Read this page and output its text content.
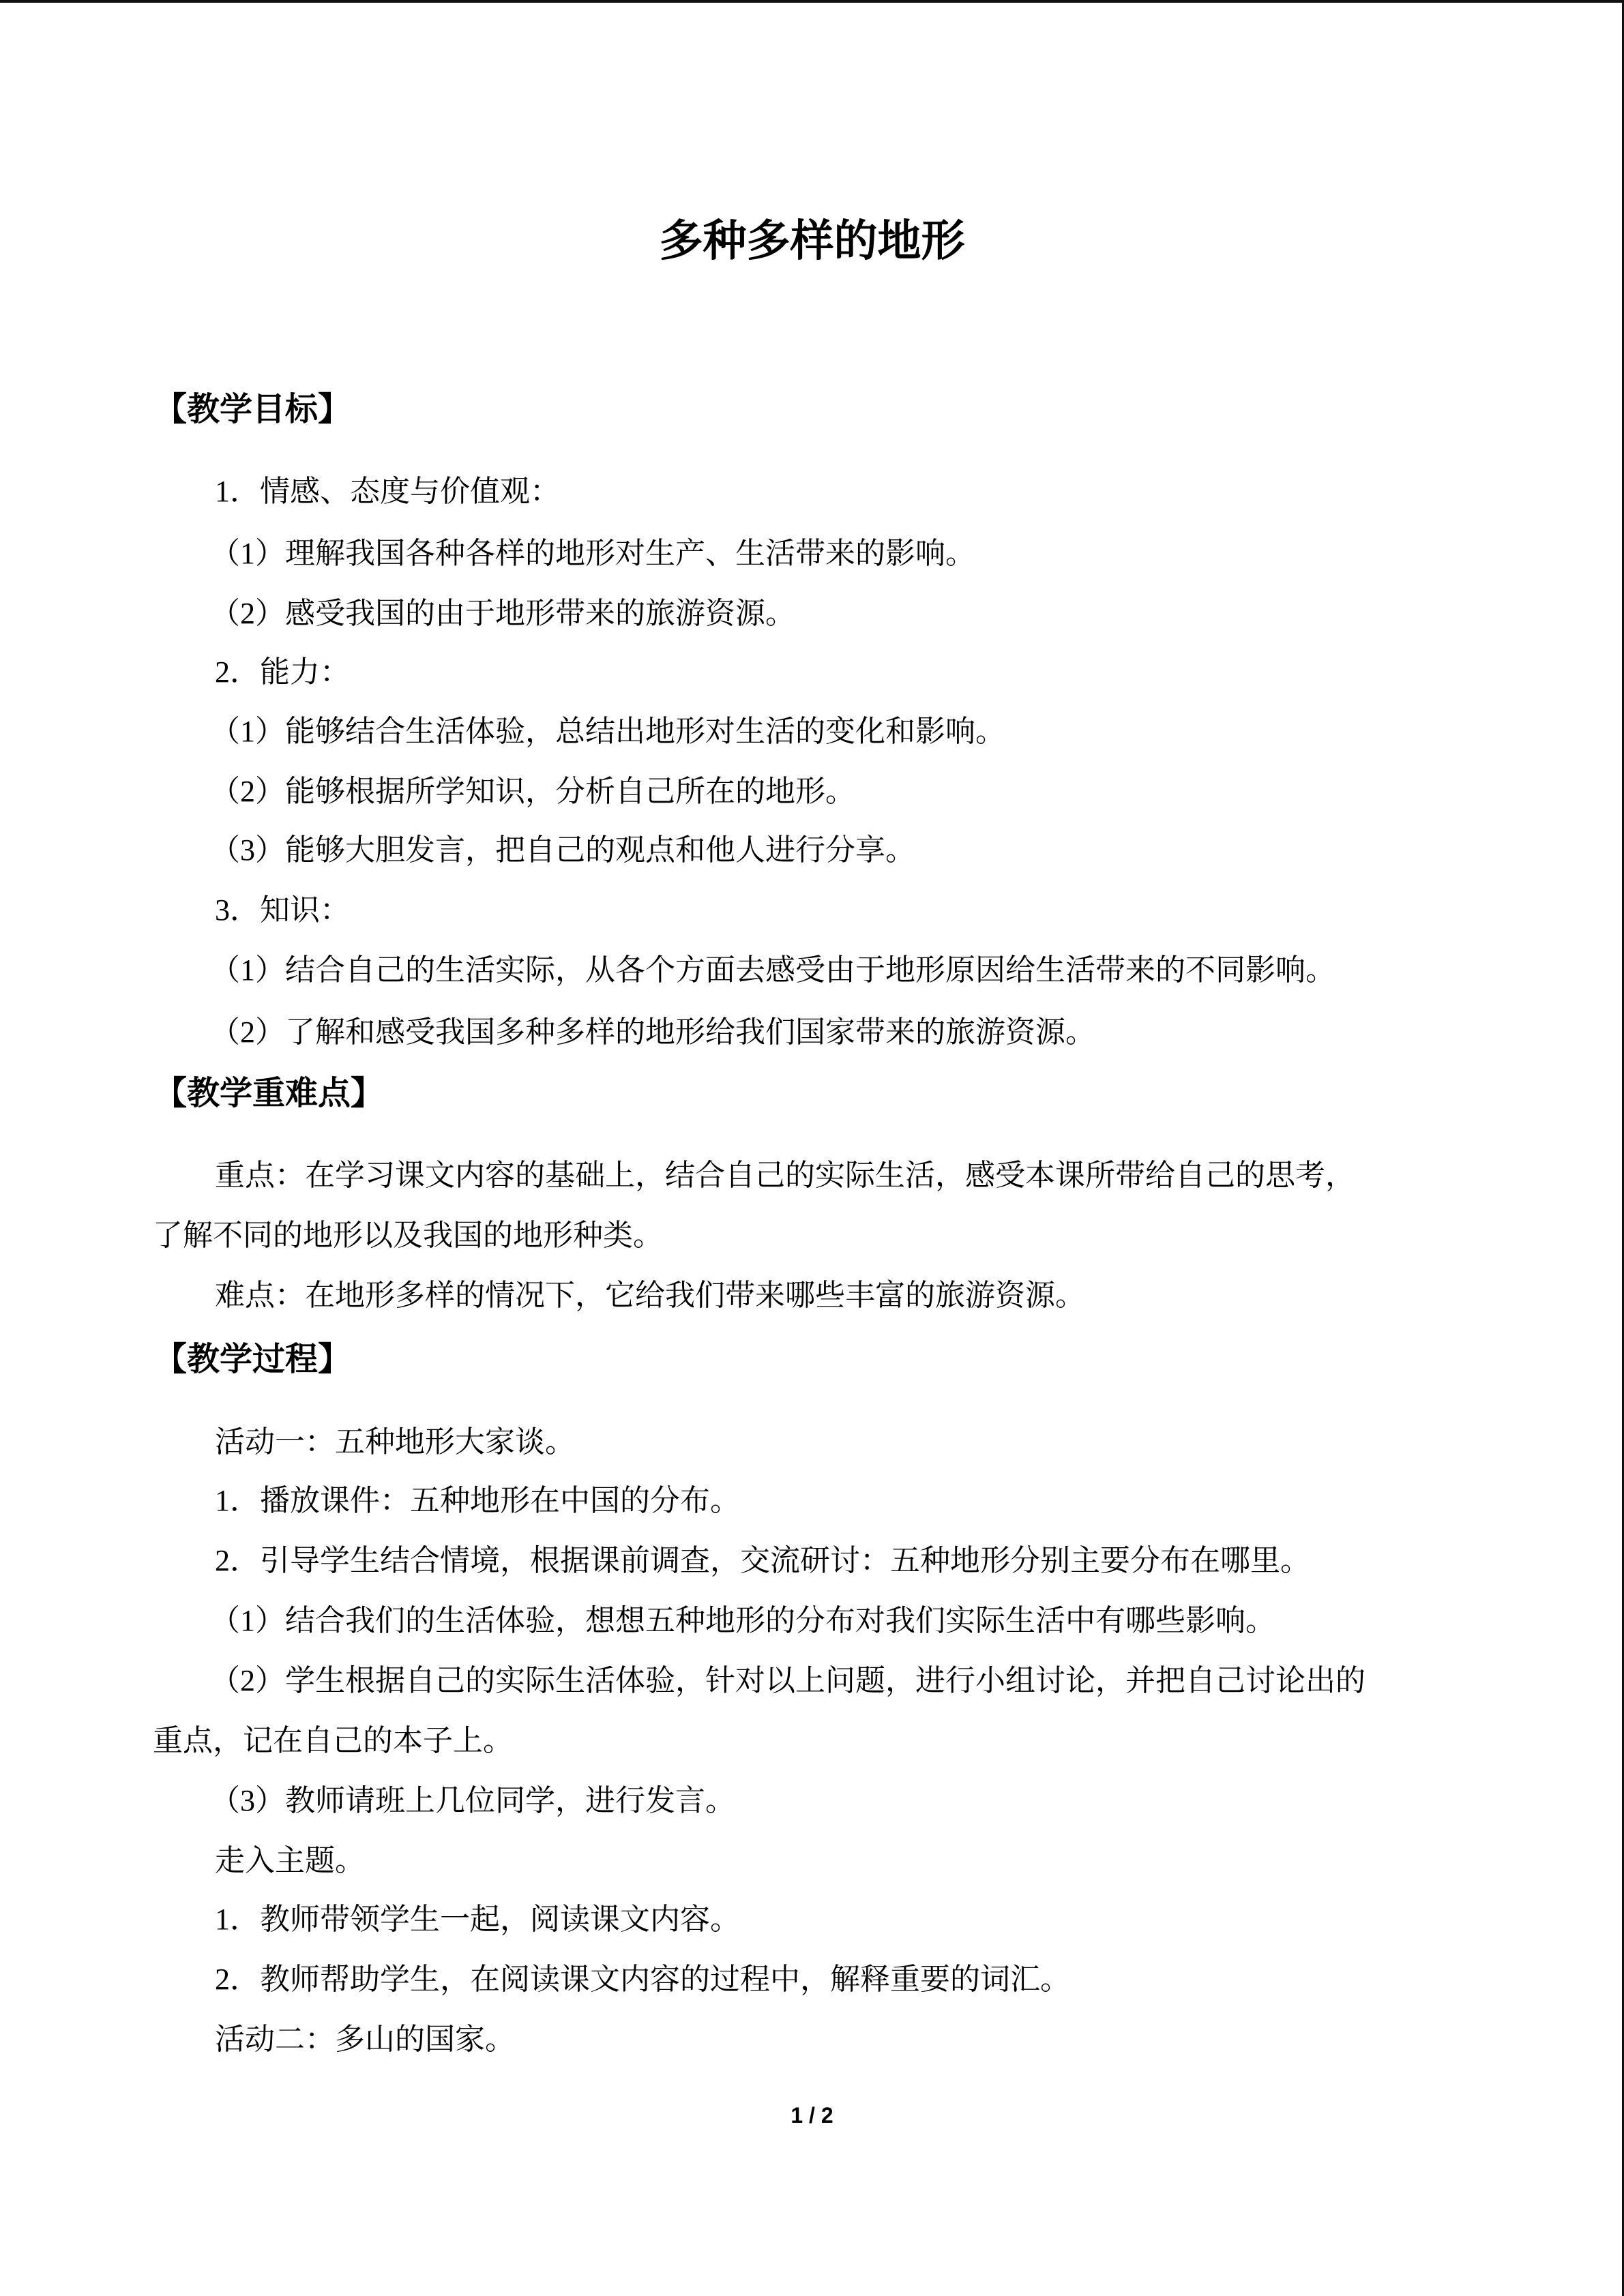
多种多样的地形
【教学目标】
1．情感、态度与价值观：
（1）理解我国各种各样的地形对生产、生活带来的影响。
（2）感受我国的由于地形带来的旅游资源。
2．能力：
（1）能够结合生活体验，总结出地形对生活的变化和影响。
（2）能够根据所学知识，分析自己所在的地形。
（3）能够大胆发言，把自己的观点和他人进行分享。
3．知识：
（1）结合自己的生活实际，从各个方面去感受由于地形原因给生活带来的不同影响。
（2）了解和感受我国多种多样的地形给我们国家带来的旅游资源。
【教学重难点】
重点：在学习课文内容的基础上，结合自己的实际生活，感受本课所带给自己的思考，
了解不同的地形以及我国的地形种类。
难点：在地形多样的情况下，它给我们带来哪些丰富的旅游资源。
【教学过程】
活动一：五种地形大家谈。
1．播放课件：五种地形在中国的分布。
2．引导学生结合情境，根据课前调查，交流研讨：五种地形分别主要分布在哪里。
（1）结合我们的生活体验，想想五种地形的分布对我们实际生活中有哪些影响。
（2）学生根据自己的实际生活体验，针对以上问题，进行小组讨论，并把自己讨论出的
重点，记在自己的本子上。
（3）教师请班上几位同学，进行发言。
走入主题。
1．教师带领学生一起，阅读课文内容。
2．教师帮助学生，在阅读课文内容的过程中，解释重要的词汇。
活动二：多山的国家。
1 / 2
